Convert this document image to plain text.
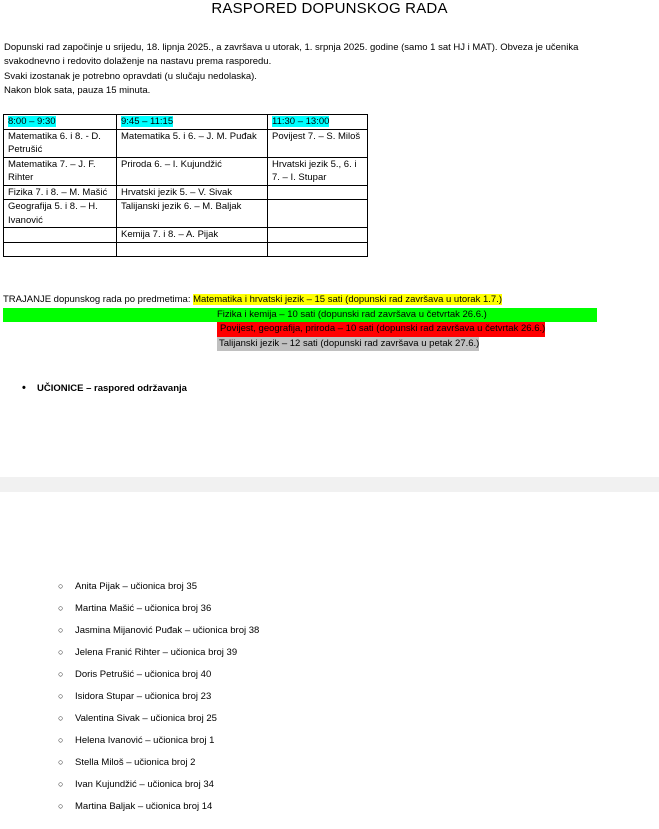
RASPORED DOPUNSKOG RADA

Dopunski rad započinje u srijedu, 18. lipnja 2025., a završava u utorak, 1. srpnja 2025. godine (samo 1 sat HJ i MAT). Obveza je učenika

svakodnevno i redovito dolaženje na nastavu prema rasporedu.

Svaki izostanak je potrebno opravdati (u slučaju nedolaska).

Nakon blok sata, pauza 15 minuta.

8:00 – 9:30	9:45 – 11:15	11:30 – 13:00
Matematika 6. i 8. - D. Petrušić	Matematika 5. i 6. – J. M. Puđak	Povijest 7. – S. Miloš
Matematika 7. – J. F. Rihter	Priroda 6. – I. Kujundžić	Hrvatski jezik 5., 6. i 7. – I. Stupar
Fizika 7. i 8. – M. Mašić	Hrvatski jezik 5. – V. Sivak	
Geografija 5. i 8. – H. Ivanović	Talijanski jezik 6. – M. Baljak	
	Kemija 7. i 8. – A. Pijak	

TRAJANJE dopunskog rada po predmetima: Matematika i hrvatski jezik – 15 sati (dopunski rad završava u utorak 1.7.)
Fizika i kemija – 10 sati (dopunski rad završava u četvrtak 26.6.)
Povijest, geografija, priroda – 10 sati (dopunski rad završava u četvrtak 26.6.)
Talijanski jezik – 12 sati (dopunski rad završava u petak 27.6.)
• UČIONICE – raspored održavanja
○ Anita Pijak – učionica broj 35
○ Martina Mašić – učionica broj 36
○ Jasmina Mijanović Puđak – učionica broj 38
○ Jelena Franić Rihter – učionica broj 39
○ Doris Petrušić – učionica broj 40
○ Isidora Stupar – učionica broj 23
○ Valentina Sivak – učionica broj 25
○ Helena Ivanović – učionica broj 1
○ Stella Miloš – učionica broj 2
○ Ivan Kujundžić – učionica broj 34
○ Martina Baljak – učionica broj 14
